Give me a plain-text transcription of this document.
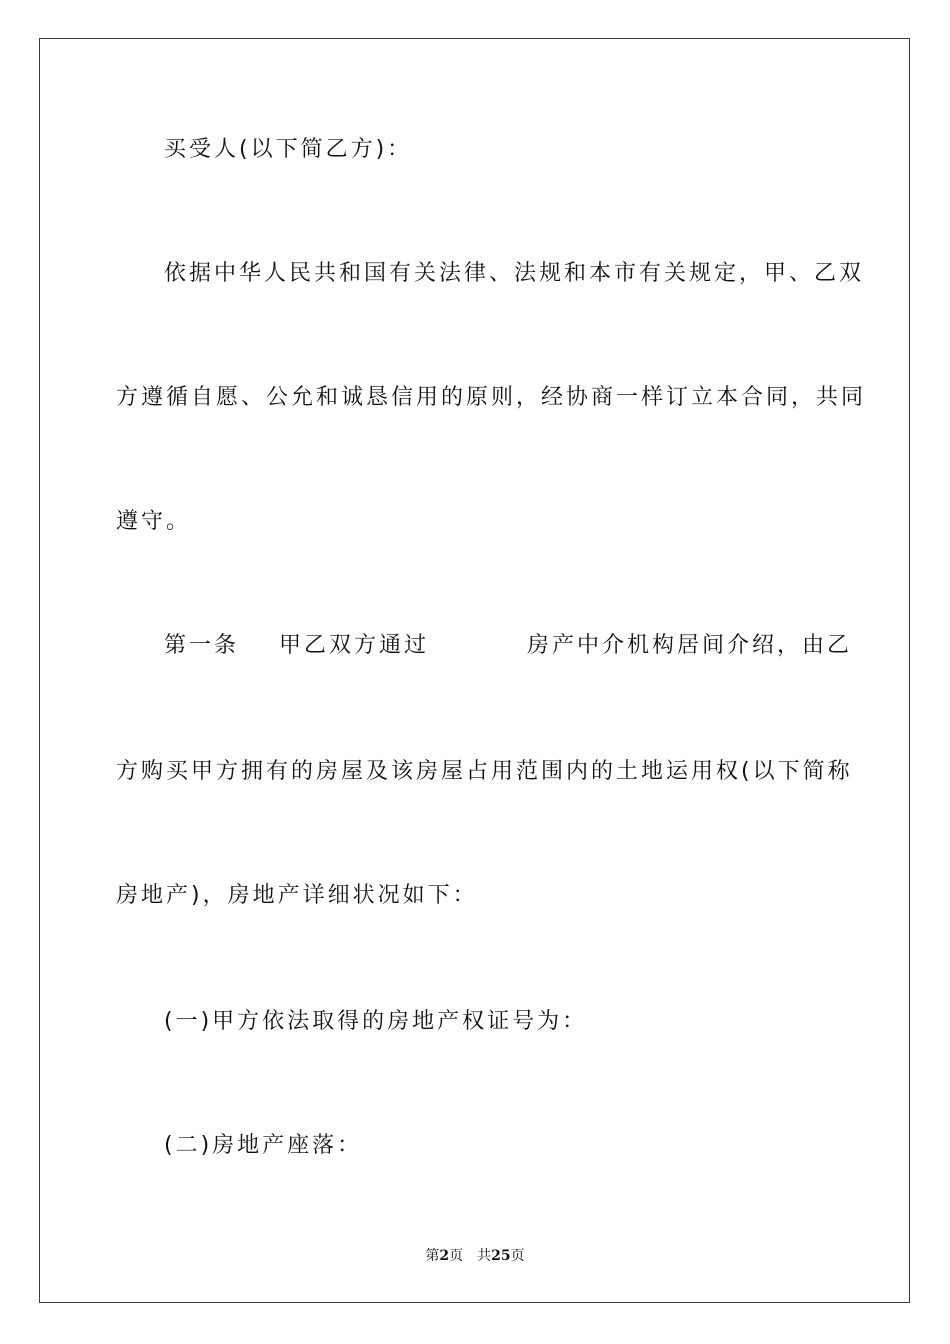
买受人(以下简乙方)：
依据中华人民共和国有关法律、法规和本市有关规定，甲、乙双
方遵循自愿、公允和诚恳信用的原则，经协商一样订立本合同，共同
遵守。
第一条 甲乙双方通过	房产中介机构居间介绍，由乙
方购买甲方拥有的房屋及该房屋占用范围内的土地运用权(以下简称
房地产)，房地产详细状况如下：
(一)甲方依法取得的房地产权证号为：
(二)房地产座落：
第2页 共25页
